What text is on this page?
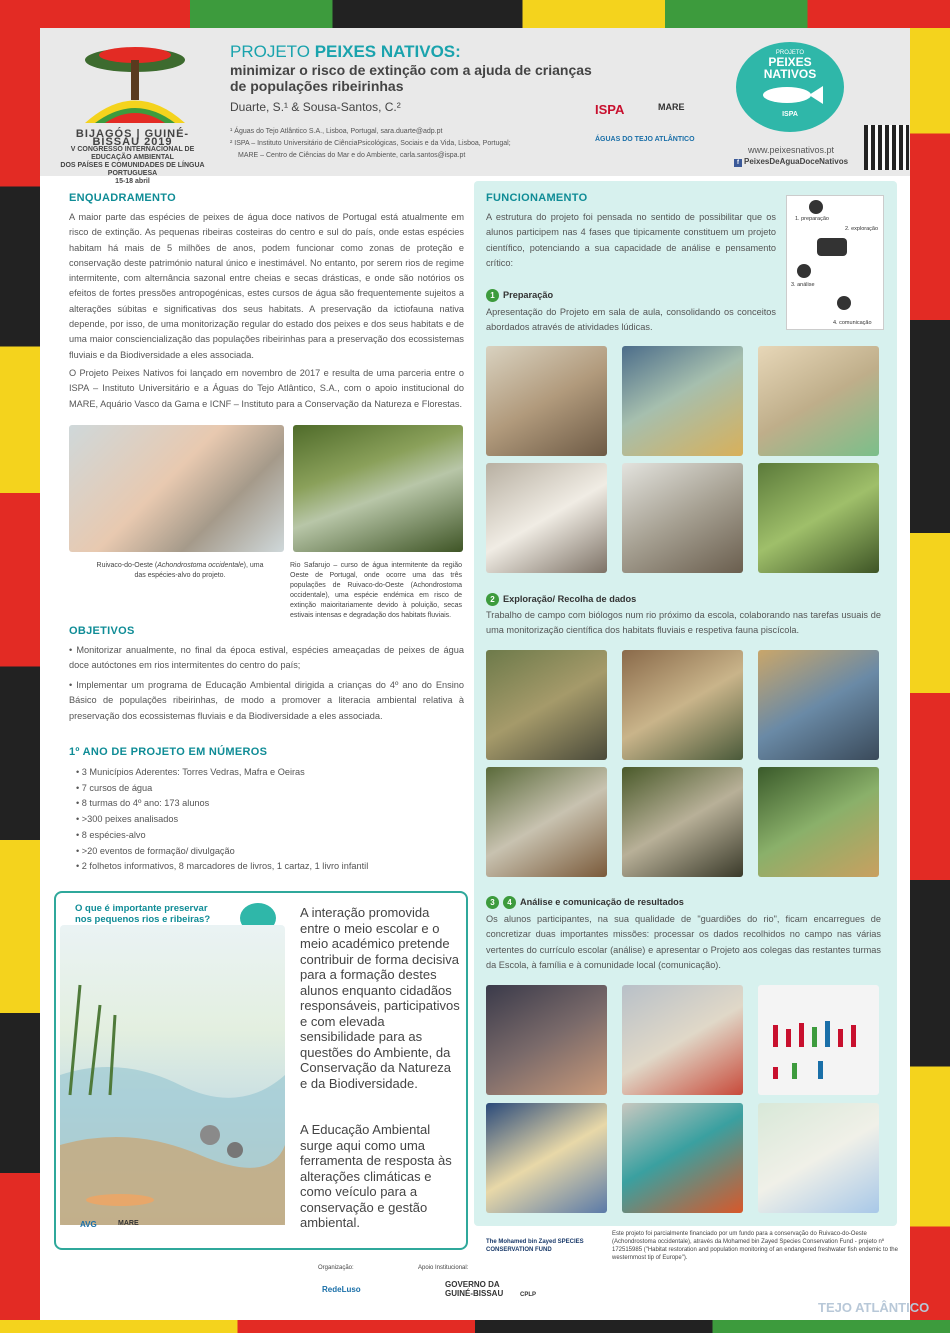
BIJAGÓS | GUINÉ-BISSAU 2019
V CONGRESSO INTERNACIONAL DE EDUCAÇÃO AMBIENTAL
DOS PAÍSES E COMUNIDADES DE LÍNGUA PORTUGUESA
15-18 abril
PROJETO PEIXES NATIVOS:
minimizar o risco de extinção com a ajuda de crianças de populações ribeirinhas
Duarte, S.¹ & Sousa-Santos, C.²
¹ Águas do Tejo Atlântico S.A., Lisboa, Portugal, sara.duarte@adp.pt
² ISPA – Instituto Universitário de CiênciaPsicológicas, Sociais e da Vida, Lisboa, Portugal;
MARE – Centro de Ciências do Mar e do Ambiente, carla.santos@ispa.pt
ISPA	MARE
ÁGUAS DO TEJO ATLÂNTICO
PROJETO
PEIXES NATIVOS
ISPA
www.peixesnativos.pt
f PeixesDeAguaDoceNativos
ENQUADRAMENTO

A maior parte das espécies de peixes de água doce nativos de Portugal está atualmente em risco de extinção. As pequenas ribeiras costeiras do centro e sul do país, onde estas espécies habitam há mais de 5 milhões de anos, podem funcionar como zonas de proteção e conservação deste património natural único e inestimável. No entanto, por serem rios de regime intermitente, com alternância sazonal entre cheias e secas drásticas, e onde são notórios os efeitos de fortes pressões antropogénicas, estes cursos de água são frequentemente sujeitos a alterações súbitas e significativas dos seus habitats. A preservação da ictiofauna nativa depende, por isso, de uma monitorização regular do estado dos peixes e dos seus habitats e de uma maior consciencialização das populações ribeirinhas para a preservação dos ecossistemas fluviais e da Biodiversidade a eles associada.

O Projeto Peixes Nativos foi lançado em novembro de 2017 e resulta de uma parceria entre o ISPA – Instituto Universitário e a Águas do Tejo Atlântico, S.A., com o apoio institucional do MARE, Aquário Vasco da Gama e ICNF – Instituto para a Conservação da Natureza e Florestas.

Ruivaco-do-Oeste (Achondrostoma occidentale), uma das espécies-alvo do projeto.
Rio Safarujo – curso de água intermitente da região Oeste de Portugal, onde ocorre uma das três populações de Ruivaco-do-Oeste (Achondrostoma occidentale), uma espécie endémica em risco de extinção maioritariamente devido à poluição, secas estivais intensas e degradação dos habitats fluviais.
OBJETIVOS

• Monitorizar anualmente, no final da época estival, espécies ameaçadas de peixes de água doce autóctones em rios intermitentes do centro do país;

• Implementar um programa de Educação Ambiental dirigida a crianças do 4º ano do Ensino Básico de populações ribeirinhas, de modo a promover a literacia ambiental relativa à preservação dos ecossistemas fluviais e da Biodiversidade a eles associada.

1º ANO DE PROJETO EM NÚMEROS
• 3 Municípios Aderentes: Torres Vedras, Mafra e Oeiras
• 7 cursos de água
• 8 turmas do 4º ano: 173 alunos
• >300 peixes analisados
• 8 espécies-alvo
• >20 eventos de formação/ divulgação
• 2 folhetos informativos, 8 marcadores de livros, 1 cartaz, 1 livro infantil
O que é importante preservar
nos pequenos rios e ribeiras?
AVG	MARE
A interação promovida entre o meio escolar e o meio académico pretende contribuir de forma decisiva para a formação destes alunos enquanto cidadãos responsáveis, participativos e com elevada sensibilidade para as questões do Ambiente, da Conservação da Natureza e da Biodiversidade.
A Educação Ambiental surge aqui como uma ferramenta de resposta às alterações climáticas e como veículo para a conservação e gestão ambiental.
FUNCIONAMENTO

A estrutura do projeto foi pensada no sentido de possibilitar que os alunos participem nas 4 fases que tipicamente constituem um projeto científico, potenciando a sua capacidade de análise e pensamento crítico:

1. preparação
2. exploração
3. análise
4. comunicação
1 Preparação

Apresentação do Projeto em sala de aula, consolidando os conceitos abordados através de atividades lúdicas.

2 Exploração/ Recolha de dados

Trabalho de campo com biólogos num rio próximo da escola, colaborando nas tarefas usuais de uma monitorização científica dos habitats fluviais e respetiva fauna piscícola.

3 4 Análise e comunicação de resultados

Os alunos participantes, na sua qualidade de "guardiões do rio", ficam encarregues de concretizar duas importantes missões: processar os dados recolhidos no campo nas várias vertentes do currículo escolar (análise) e apresentar o Projeto aos colegas das restantes turmas da Escola, à família e à comunidade local (comunicação).

The Mohamed bin Zayed SPECIES CONSERVATION FUND
Este projeto foi parcialmente financiado por um fundo para a conservação do Ruivaco-do-Oeste (Achondrostoma occidentale), através da Mohamed bin Zayed Species Conservation Fund - projeto nº 172515985 ("Habitat restoration and population monitoring of an endangered freshwater fish endemic to the westernmost tip of Europe").
Organização:	Apoio Institucional:
RedeLuso
GOVERNO DA GUINÉ-BISSAU	CPLP
TEJO ATLÂNTICO
